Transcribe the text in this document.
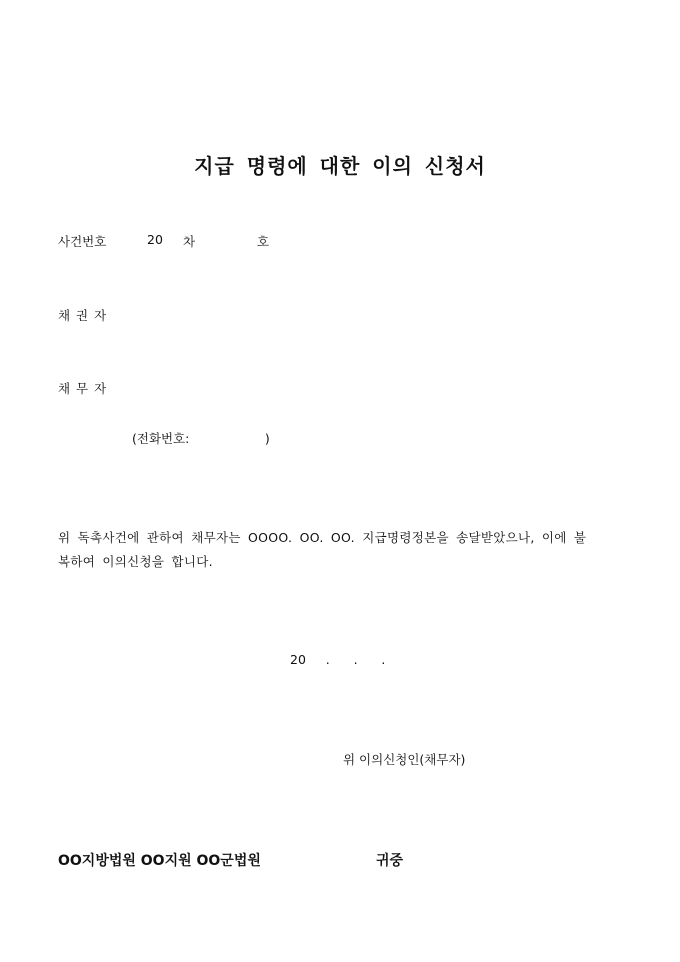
지급 명령에 대한 이의 신청서
사건번호	20 차	호
채 권 자
채 무 자
(전화번호:                   )
위 독촉사건에 관하여 채무자는 OOOO. OO. OO. 지급명령정본을 송달받았으나, 이에 불
복하여 이의신청을 합니다.
20     .      .      .
위 이의신청인(채무자)
OO지방법원 OO지원 OO군법원	귀중
